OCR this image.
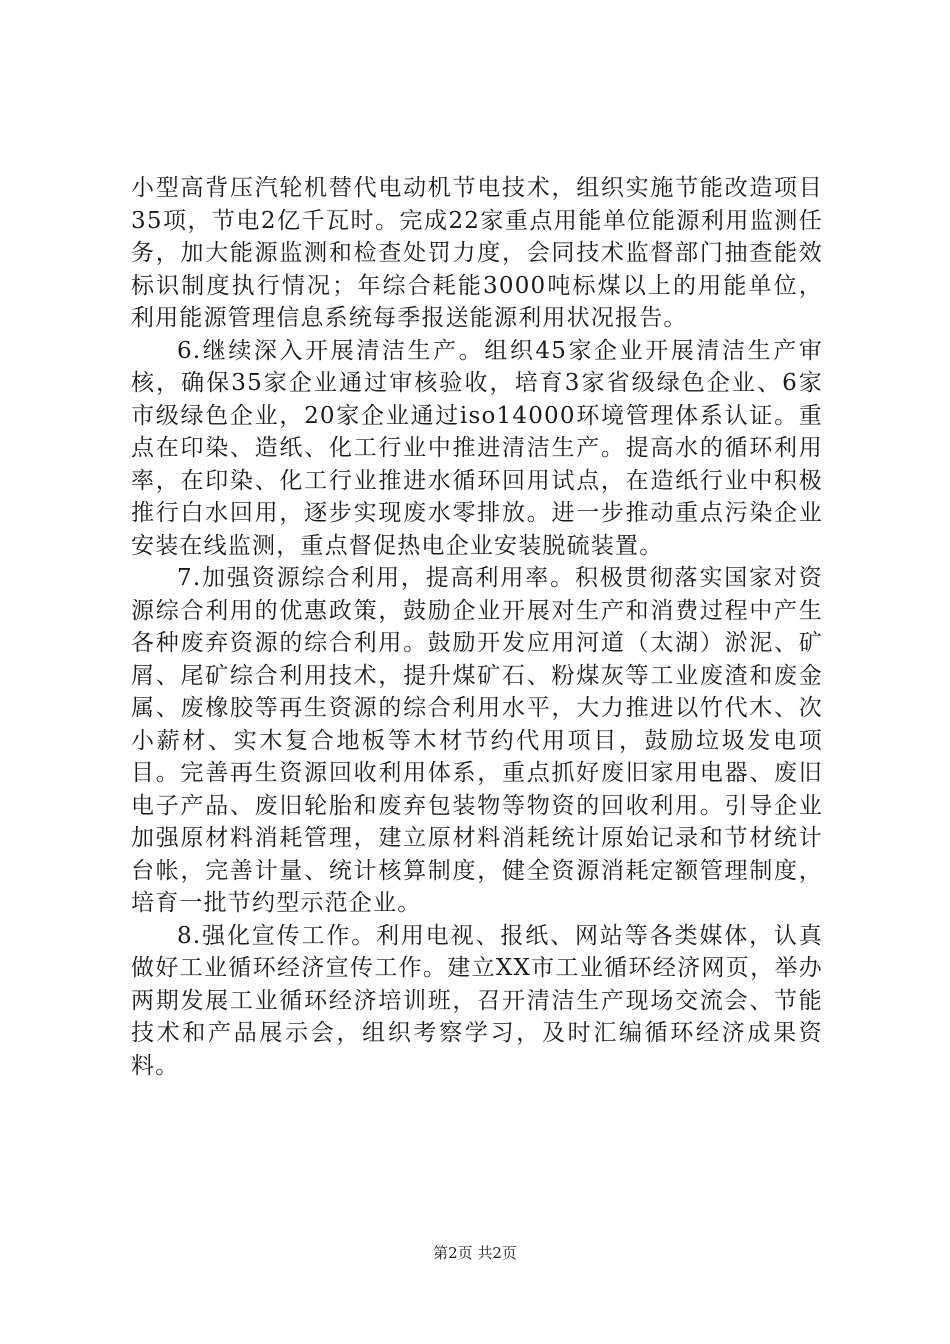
小型高背压汽轮机替代电动机节电技术，组织实施节能改造项目35项，节电2亿千瓦时。完成22家重点用能单位能源利用监测任务，加大能源监测和检查处罚力度，会同技术监督部门抽查能效标识制度执行情况；年综合耗能3000吨标煤以上的用能单位，利用能源管理信息系统每季报送能源利用状况报告。

6.继续深入开展清洁生产。组织45家企业开展清洁生产审核，确保35家企业通过审核验收，培育3家省级绿色企业、6家市级绿色企业，20家企业通过iso14000环境管理体系认证。重点在印染、造纸、化工行业中推进清洁生产。提高水的循环利用率，在印染、化工行业推进水循环回用试点，在造纸行业中积极推行白水回用，逐步实现废水零排放。进一步推动重点污染企业安装在线监测，重点督促热电企业安装脱硫装置。

7.加强资源综合利用，提高利用率。积极贯彻落实国家对资源综合利用的优惠政策，鼓励企业开展对生产和消费过程中产生各种废弃资源的综合利用。鼓励开发应用河道（太湖）淤泥、矿屑、尾矿综合利用技术，提升煤矿石、粉煤灰等工业废渣和废金属、废橡胶等再生资源的综合利用水平，大力推进以竹代木、次小薪材、实木复合地板等木材节约代用项目，鼓励垃圾发电项目。完善再生资源回收利用体系，重点抓好废旧家用电器、废旧电子产品、废旧轮胎和废弃包装物等物资的回收利用。引导企业加强原材料消耗管理，建立原材料消耗统计原始记录和节材统计台帐，完善计量、统计核算制度，健全资源消耗定额管理制度，培育一批节约型示范企业。

8.强化宣传工作。利用电视、报纸、网站等各类媒体，认真做好工业循环经济宣传工作。建立XX市工业循环经济网页，举办两期发展工业循环经济培训班，召开清洁生产现场交流会、节能技术和产品展示会，组织考察学习，及时汇编循环经济成果资料。

第2页 共2页
